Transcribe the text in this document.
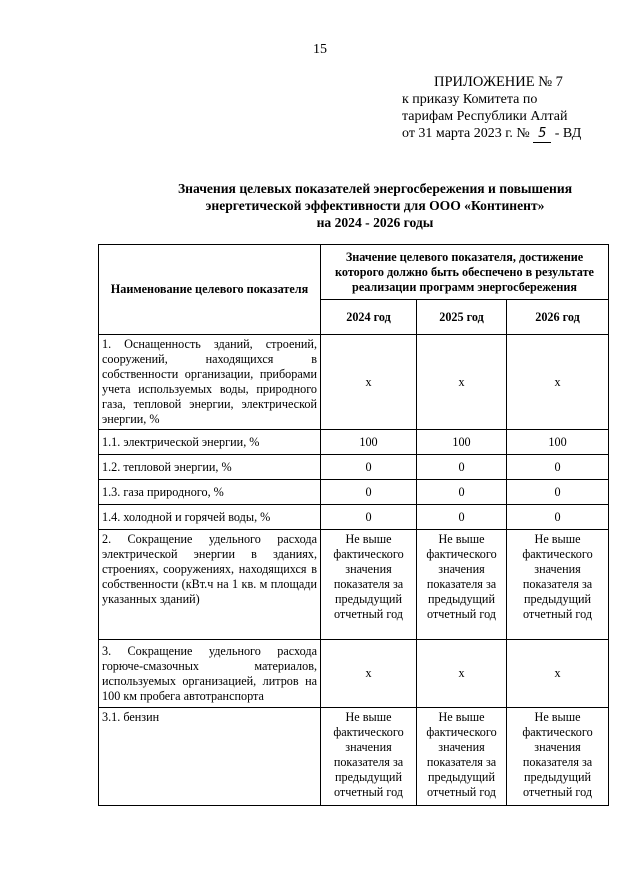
15
ПРИЛОЖЕНИЕ № 7
к приказу Комитета по
тарифам Республики Алтай
от 31 марта 2023 г. № 5 - ВД
Значения целевых показателей энергосбережения и повышения
энергетической эффективности для ООО «Континент»
на 2024 - 2026 годы
Наименование целевого показателя	Значение целевого показателя, достижение которого должно быть обеспечено в результате реализации программ энергосбережения		
	2024 год	2025 год	2026 год
1. Оснащенность зданий, строений, сооружений, находящихся в собственности организации, приборами учета используемых воды, природного газа, тепловой энергии, электрической энергии, %	x	x	x
1.1. электрической энергии, %	100	100	100
1.2. тепловой энергии, %	0	0	0
1.3. газа природного, %	0	0	0
1.4. холодной и горячей воды, %	0	0	0
2. Сокращение удельного расхода электрической энергии в зданиях, строениях, сооружениях, находящихся в собственности (кВт.ч на 1 кв. м площади указанных зданий)	Не выше фактического значения показателя за предыдущий отчетный год	Не выше фактического значения показателя за предыдущий отчетный год	Не выше фактического значения показателя за предыдущий отчетный год
3. Сокращение удельного расхода горюче-смазочных материалов, используемых организацией, литров на 100 км пробега автотранспорта	x	x	x
3.1. бензин	Не выше фактического значения показателя за предыдущий отчетный год	Не выше фактического значения показателя за предыдущий отчетный год	Не выше фактического значения показателя за предыдущий отчетный год
